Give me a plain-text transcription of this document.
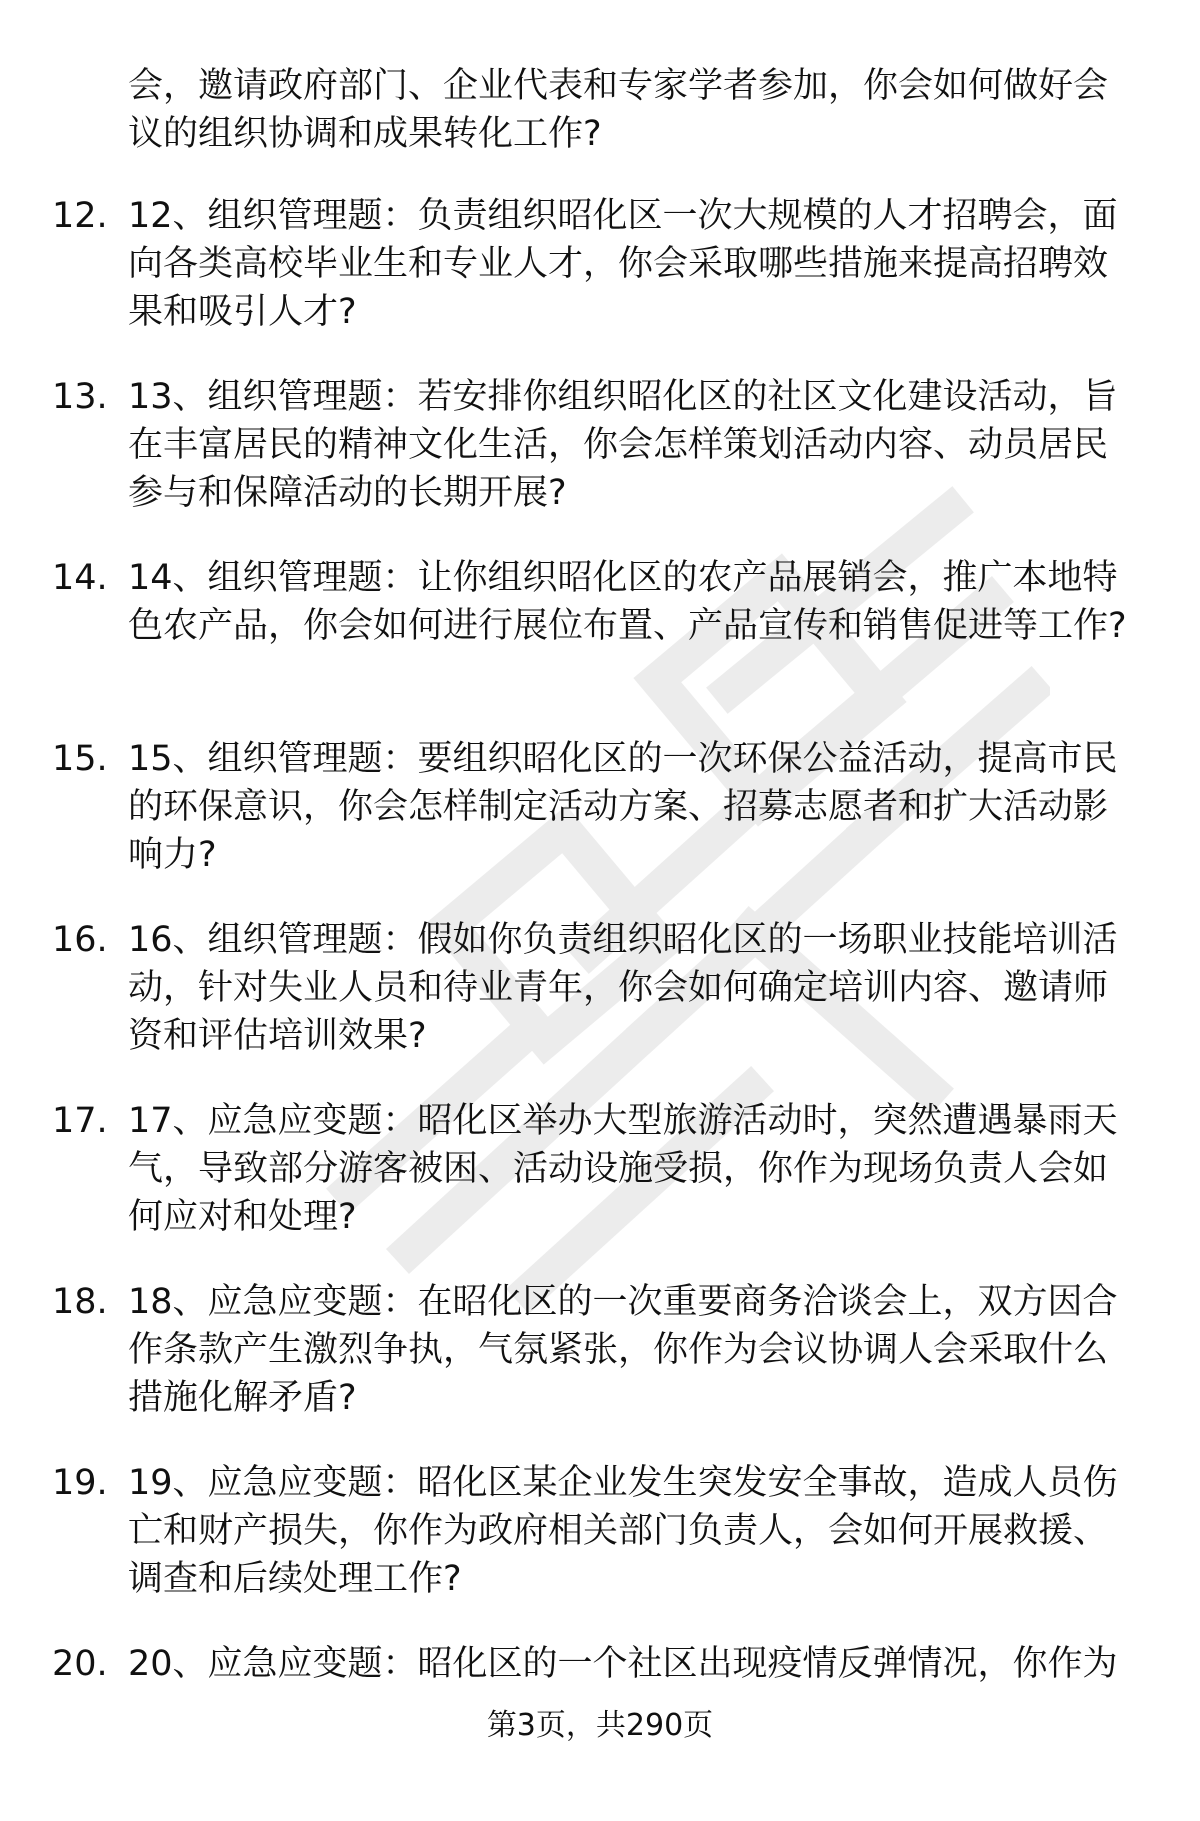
会，邀请政府部门、企业代表和专家学者参加，你会如何做好会议的组织协调和成果转化工作?
12. 12、组织管理题：负责组织昭化区一次大规模的人才招聘会，面向各类高校毕业生和专业人才，你会采取哪些措施来提高招聘效果和吸引人才?
13. 13、组织管理题：若安排你组织昭化区的社区文化建设活动，旨在丰富居民的精神文化生活，你会怎样策划活动内容、动员居民参与和保障活动的长期开展?
14. 14、组织管理题：让你组织昭化区的农产品展销会，推广本地特色农产品，你会如何进行展位布置、产品宣传和销售促进等工作?
15. 15、组织管理题：要组织昭化区的一次环保公益活动，提高市民的环保意识，你会怎样制定活动方案、招募志愿者和扩大活动影响力?
16. 16、组织管理题：假如你负责组织昭化区的一场职业技能培训活动，针对失业人员和待业青年，你会如何确定培训内容、邀请师资和评估培训效果?
17. 17、应急应变题：昭化区举办大型旅游活动时，突然遭遇暴雨天气，导致部分游客被困、活动设施受损，你作为现场负责人会如何应对和处理?
18. 18、应急应变题：在昭化区的一次重要商务洽谈会上，双方因合作条款产生激烈争执，气氛紧张，你作为会议协调人会采取什么措施化解矛盾?
19. 19、应急应变题：昭化区某企业发生突发安全事故，造成人员伤亡和财产损失，你作为政府相关部门负责人，会如何开展救援、调查和后续处理工作?
20. 20、应急应变题：昭化区的一个社区出现疫情反弹情况，你作为
第3页，共290页
